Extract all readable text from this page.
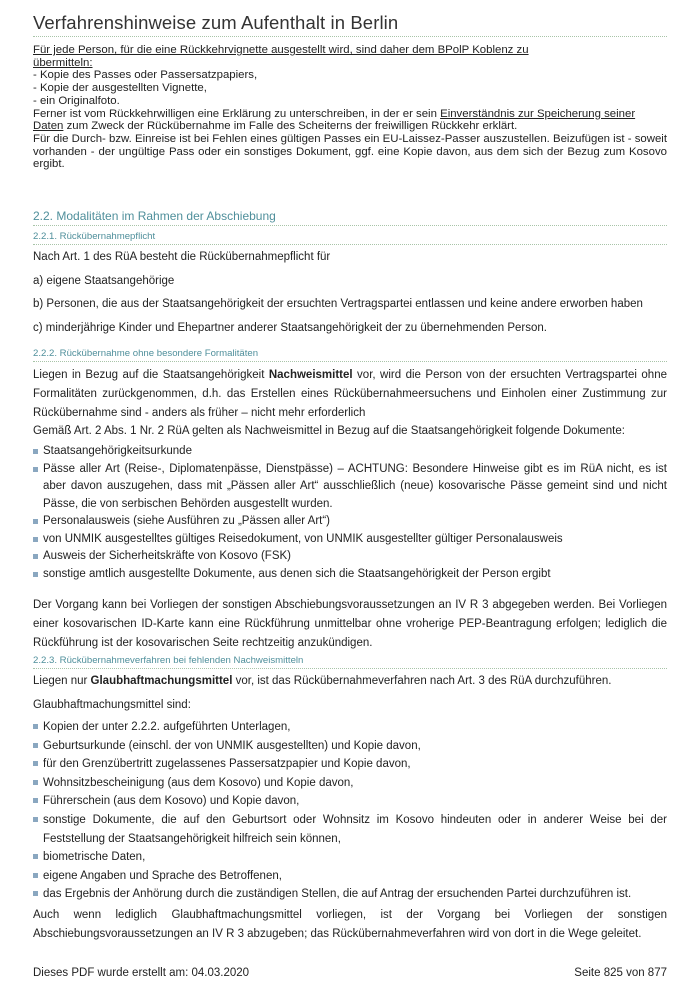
Verfahrenshinweise zum Aufenthalt in Berlin

Für jede Person, für die eine Rückkehrvignette ausgestellt wird, sind daher dem BPolP Koblenz zu

übermitteln:

- Kopie des Passes oder Passersatzpapiers,

- Kopie der ausgestellten Vignette,

- ein Originalfoto.

Ferner ist vom Rückkehrwilligen eine Erklärung zu unterschreiben, in der er sein Einverständnis zur Speicherung seiner Daten zum Zweck der Rückübernahme im Falle des Scheiterns der freiwilligen Rückkehr erklärt.

Für die Durch- bzw. Einreise ist bei Fehlen eines gültigen Passes ein EU-Laissez-Passer auszustellen. Beizufügen ist - soweit vorhanden - der ungültige Pass oder ein sonstiges Dokument, ggf. eine Kopie davon, aus dem sich der Bezug zum Kosovo ergibt.

2.2. Modalitäten im Rahmen der Abschiebung
2.2.1. Rückübernahmepflicht
Nach Art. 1 des RüA besteht die Rückübernahmepflicht für
a) eigene Staatsangehörige
b) Personen, die aus der Staatsangehörigkeit der ersuchten Vertragspartei entlassen und keine andere erworben haben
c) minderjährige Kinder und Ehepartner anderer Staatsangehörigkeit der zu übernehmenden Person.
2.2.2. Rückübernahme ohne besondere Formalitäten
Liegen in Bezug auf die Staatsangehörigkeit Nachweismittel vor, wird die Person von der ersuchten Vertragspartei ohne Formalitäten zurückgenommen, d.h. das Erstellen eines Rückübernahmeersuchens und Einholen einer Zustimmung zur Rückübernahme sind - anders als früher – nicht mehr erforderlich
Gemäß Art. 2 Abs. 1 Nr. 2 RüA gelten als Nachweismittel in Bezug auf die Staatsangehörigkeit folgende Dokumente:
Staatsangehörigkeitsurkunde
Pässe aller Art (Reise-, Diplomatenpässe, Dienstpässe) – ACHTUNG: Besondere Hinweise gibt es im RüA nicht, es ist aber davon auszugehen, dass mit „Pässen aller Art“ ausschließlich (neue) kosovarische Pässe gemeint sind und nicht Pässe, die von serbischen Behörden ausgestellt wurden.
Personalausweis (siehe Ausführen zu „Pässen aller Art“)
von UNMIK ausgestelltes gültiges Reisedokument, von UNMIK ausgestellter gültiger Personalausweis
Ausweis der Sicherheitskräfte von Kosovo (FSK)
sonstige amtlich ausgestellte Dokumente, aus denen sich die Staatsangehörigkeit der Person ergibt
Der Vorgang kann bei Vorliegen der sonstigen Abschiebungsvoraussetzungen an IV R 3 abgegeben werden. Bei Vorliegen einer kosovarischen ID-Karte kann eine Rückführung unmittelbar ohne vroherige PEP-Beantragung erfolgen; lediglich die Rückführung ist der kosovarischen Seite rechtzeitig anzukündigen.
2.2.3. Rückübernahmeverfahren bei fehlenden Nachweismitteln
Liegen nur Glaubhaftmachungsmittel vor, ist das Rückübernahmeverfahren nach Art. 3 des RüA durchzuführen.
Glaubhaftmachungsmittel sind:
Kopien der unter 2.2.2. aufgeführten Unterlagen,
Geburtsurkunde (einschl. der von UNMIK ausgestellten) und Kopie davon,
für den Grenzübertritt zugelassenes Passersatzpapier und Kopie davon,
Wohnsitzbescheinigung (aus dem Kosovo) und Kopie davon,
Führerschein (aus dem Kosovo) und Kopie davon,
sonstige Dokumente, die auf den Geburtsort oder Wohnsitz im Kosovo hindeuten oder in anderer Weise bei der Feststellung der Staatsangehörigkeit hilfreich sein können,
biometrische Daten,
eigene Angaben und Sprache des Betroffenen,
das Ergebnis der Anhörung durch die zuständigen Stellen, die auf Antrag der ersuchenden Partei durchzuführen ist.
Auch wenn lediglich Glaubhaftmachungsmittel vorliegen, ist der Vorgang bei Vorliegen der sonstigen Abschiebungsvoraussetzungen an IV R 3 abzugeben; das Rückübernahmeverfahren wird von dort in die Wege geleitet.
Dieses PDF wurde erstellt am: 04.03.2020	Seite 825 von 877
